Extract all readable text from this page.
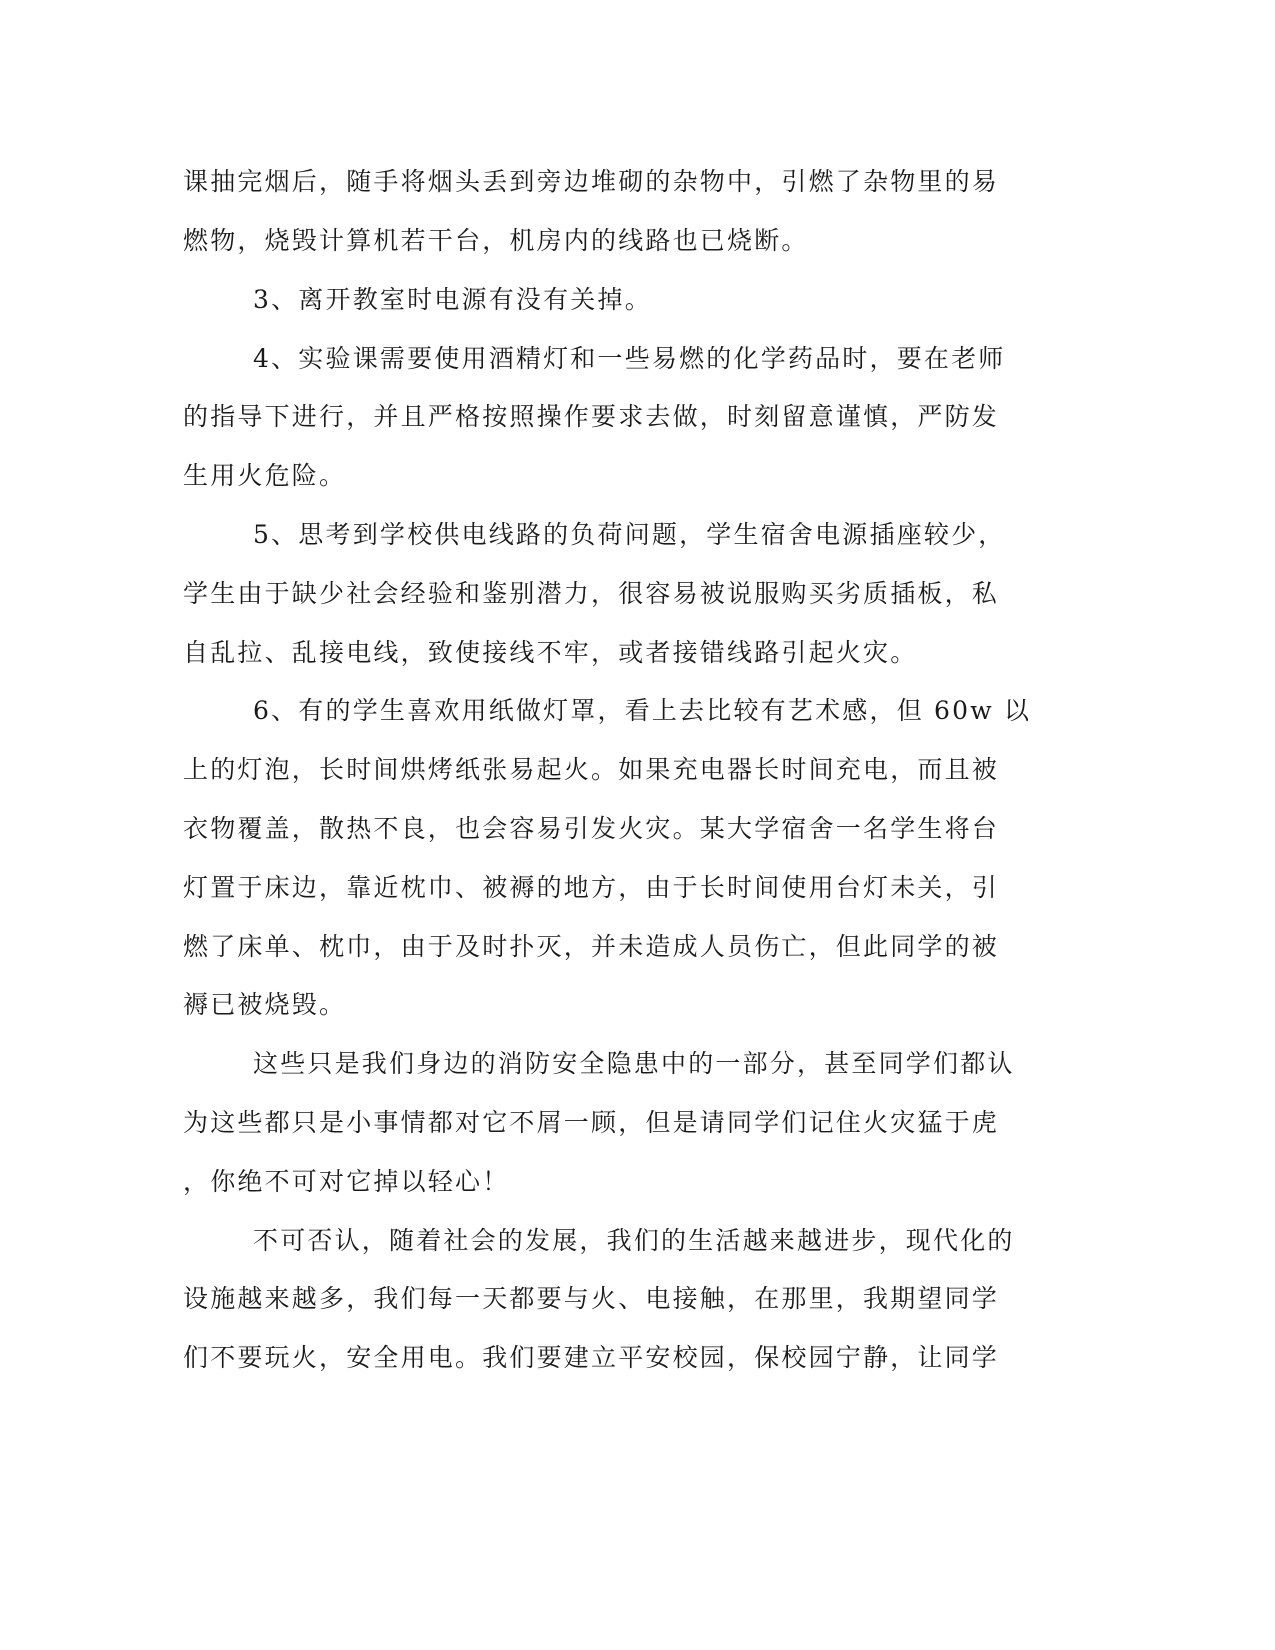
课抽完烟后，随手将烟头丢到旁边堆砌的杂物中，引燃了杂物里的易
燃物，烧毁计算机若干台，机房内的线路也已烧断。
3、离开教室时电源有没有关掉。
4、实验课需要使用酒精灯和一些易燃的化学药品时，要在老师
的指导下进行，并且严格按照操作要求去做，时刻留意谨慎，严防发
生用火危险。
5、思考到学校供电线路的负荷问题，学生宿舍电源插座较少，
学生由于缺少社会经验和鉴别潜力，很容易被说服购买劣质插板，私
自乱拉、乱接电线，致使接线不牢，或者接错线路引起火灾。
6、有的学生喜欢用纸做灯罩，看上去比较有艺术感，但 60w 以
上的灯泡，长时间烘烤纸张易起火。如果充电器长时间充电，而且被
衣物覆盖，散热不良，也会容易引发火灾。某大学宿舍一名学生将台
灯置于床边，靠近枕巾、被褥的地方，由于长时间使用台灯未关，引
燃了床单、枕巾，由于及时扑灭，并未造成人员伤亡，但此同学的被
褥已被烧毁。
这些只是我们身边的消防安全隐患中的一部分，甚至同学们都认
为这些都只是小事情都对它不屑一顾，但是请同学们记住火灾猛于虎
，你绝不可对它掉以轻心！
不可否认，随着社会的发展，我们的生活越来越进步，现代化的
设施越来越多，我们每一天都要与火、电接触，在那里，我期望同学
们不要玩火，安全用电。我们要建立平安校园，保校园宁静，让同学
